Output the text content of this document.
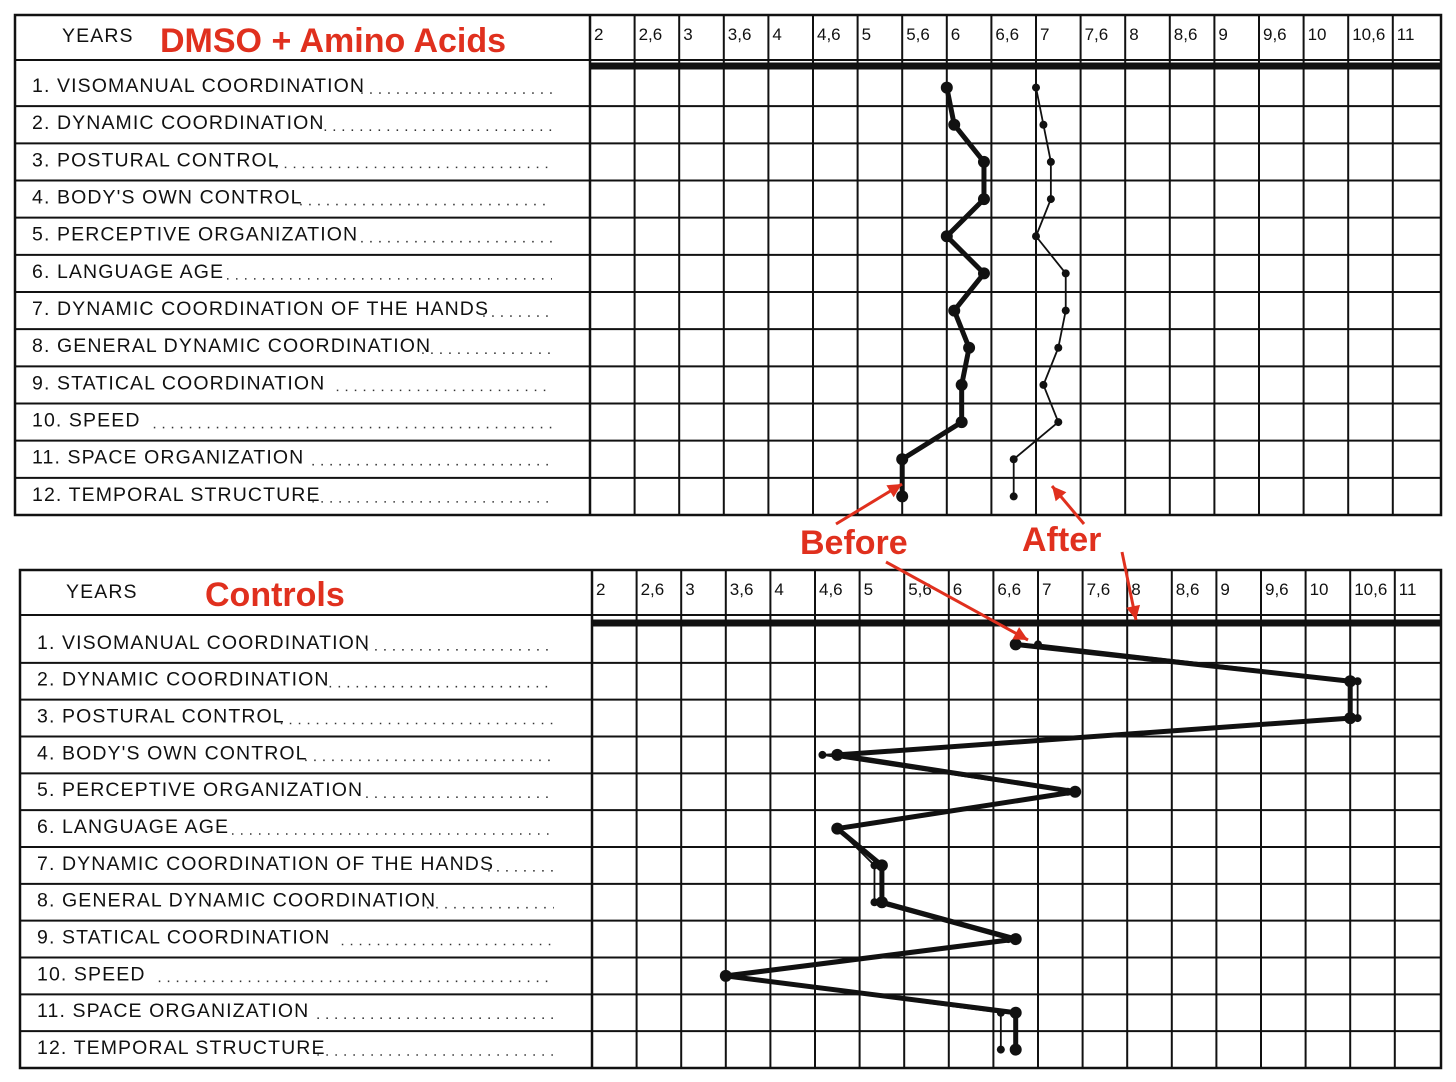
2 2,6 3 3,6 4 4,6 5 5,6 6 6,6 7 7,6 8 8,6 9 9,6 10 10,6 11
1. VISOMANUAL COORDINATION
2. DYNAMIC COORDINATION
3. POSTURAL CONTROL
4. BODY'S OWN CONTROL
5. PERCEPTIVE ORGANIZATION
6. LANGUAGE AGE
7. DYNAMIC COORDINATION OF THE HANDS
8. GENERAL DYNAMIC COORDINATION
9. STATICAL COORDINATION
10. SPEED
11. SPACE ORGANIZATION
12. TEMPORAL STRUCTURE
YEARS DMSO + Amino Acids
2 2,6 3 3,6 4 4,6 5 5,6 6 6,6 7 7,6 8 8,6 9 9,6 10 10,6 11
1. VISOMANUAL COORDINATION
2. DYNAMIC COORDINATION
3. POSTURAL CONTROL
4. BODY'S OWN CONTROL
5. PERCEPTIVE ORGANIZATION
6. LANGUAGE AGE
7. DYNAMIC COORDINATION OF THE HANDS
8. GENERAL DYNAMIC COORDINATION
9. STATICAL COORDINATION
10. SPEED
11. SPACE ORGANIZATION
12. TEMPORAL STRUCTURE
YEARS Controls
Before	After
